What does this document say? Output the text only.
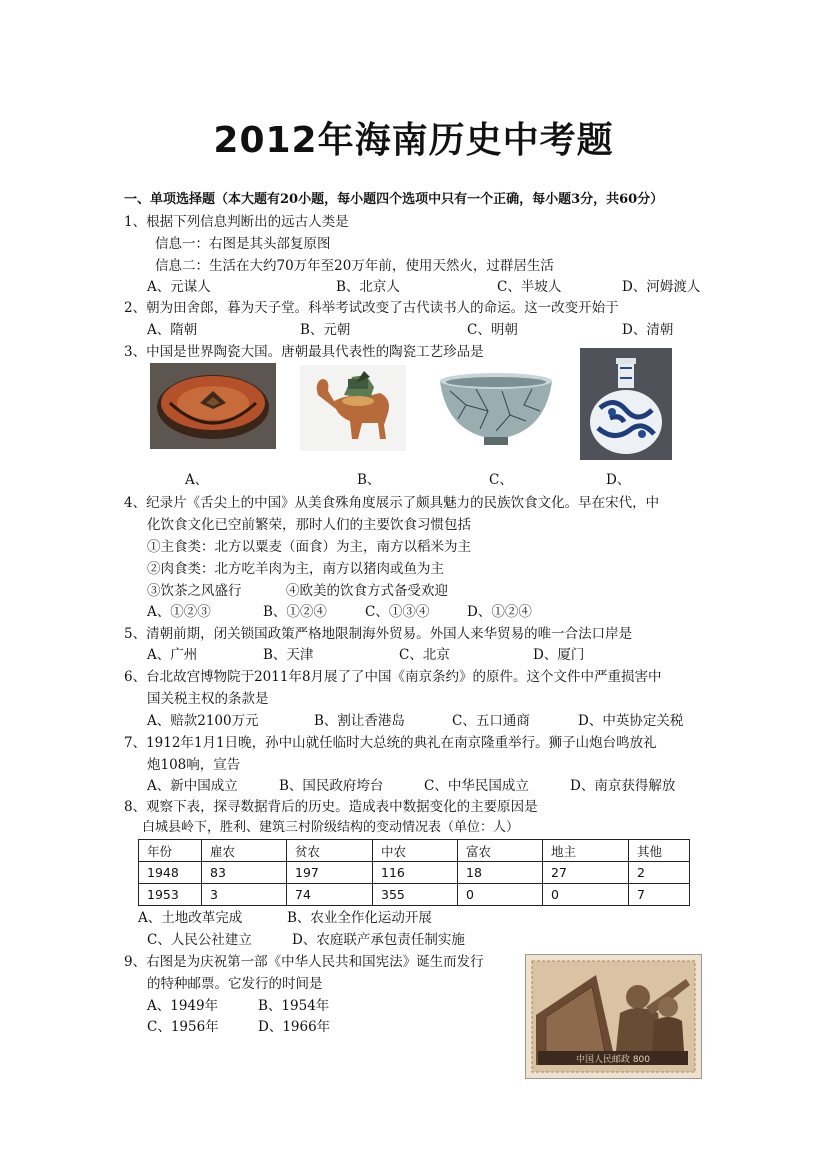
2012年海南历史中考题
一、单项选择题（本大题有20小题，每小题四个选项中只有一个正确，每小题3分，共60分）
1、根据下列信息判断出的远古人类是
信息一：右图是其头部复原图
信息二：生活在大约70万年至20万年前，使用天然火，过群居生活
A、元谋人	B、北京人	C、半坡人	D、河姆渡人
2、朝为田舍郎，暮为天子堂。科举考试改变了古代读书人的命运。这一改变开始于
A、隋朝	B、元朝	C、明朝	D、清朝
3、中国是世界陶瓷大国。唐朝最具代表性的陶瓷工艺珍品是
A、	B、	C、	D、
4、纪录片《舌尖上的中国》从美食殊角度展示了颇具魅力的民族饮食文化。早在宋代，中
化饮食文化已空前繁荣，那时人们的主要饮食习惯包括
①主食类：北方以粟麦（面食）为主，南方以稻米为主
②肉食类：北方吃羊肉为主，南方以猪肉或鱼为主
③饮茶之风盛行	④欧美的饮食方式备受欢迎
A、①②③	B、①②④	C、①③④	D、①②④
5、清朝前期，闭关锁国政策严格地限制海外贸易。外国人来华贸易的唯一合法口岸是
A、广州	B、天津	C、北京	D、厦门
6、台北故宫博物院于2011年8月展了了中国《南京条约》的原件。这个文件中严重损害中
国关税主权的条款是
A、赔款2100万元	B、割让香港岛	C、五口通商	D、中英协定关税
7、1912年1月1日晚，孙中山就任临时大总统的典礼在南京隆重举行。狮子山炮台鸣放礼
炮108响，宣告
A、新中国成立	B、国民政府垮台	C、中华民国成立	D、南京获得解放
8、观察下表，探寻数据背后的历史。造成表中数据变化的主要原因是
白城县岭下，胜利、建筑三村阶级结构的变动情况表（单位：人）
年份	雇农	贫农	中农	富农	地主	其他
1948	83	197	116	18	27	2
1953	3	74	355	0	0	7
A、土地改革完成	B、农业全作化运动开展
C、人民公社建立	D、农庭联产承包责任制实施
9、右图是为庆祝第一部《中华人民共和国宪法》诞生而发行
的特种邮票。它发行的时间是
A、1949年	B、1954年
C、1956年	D、1966年
中国人民邮政 800
